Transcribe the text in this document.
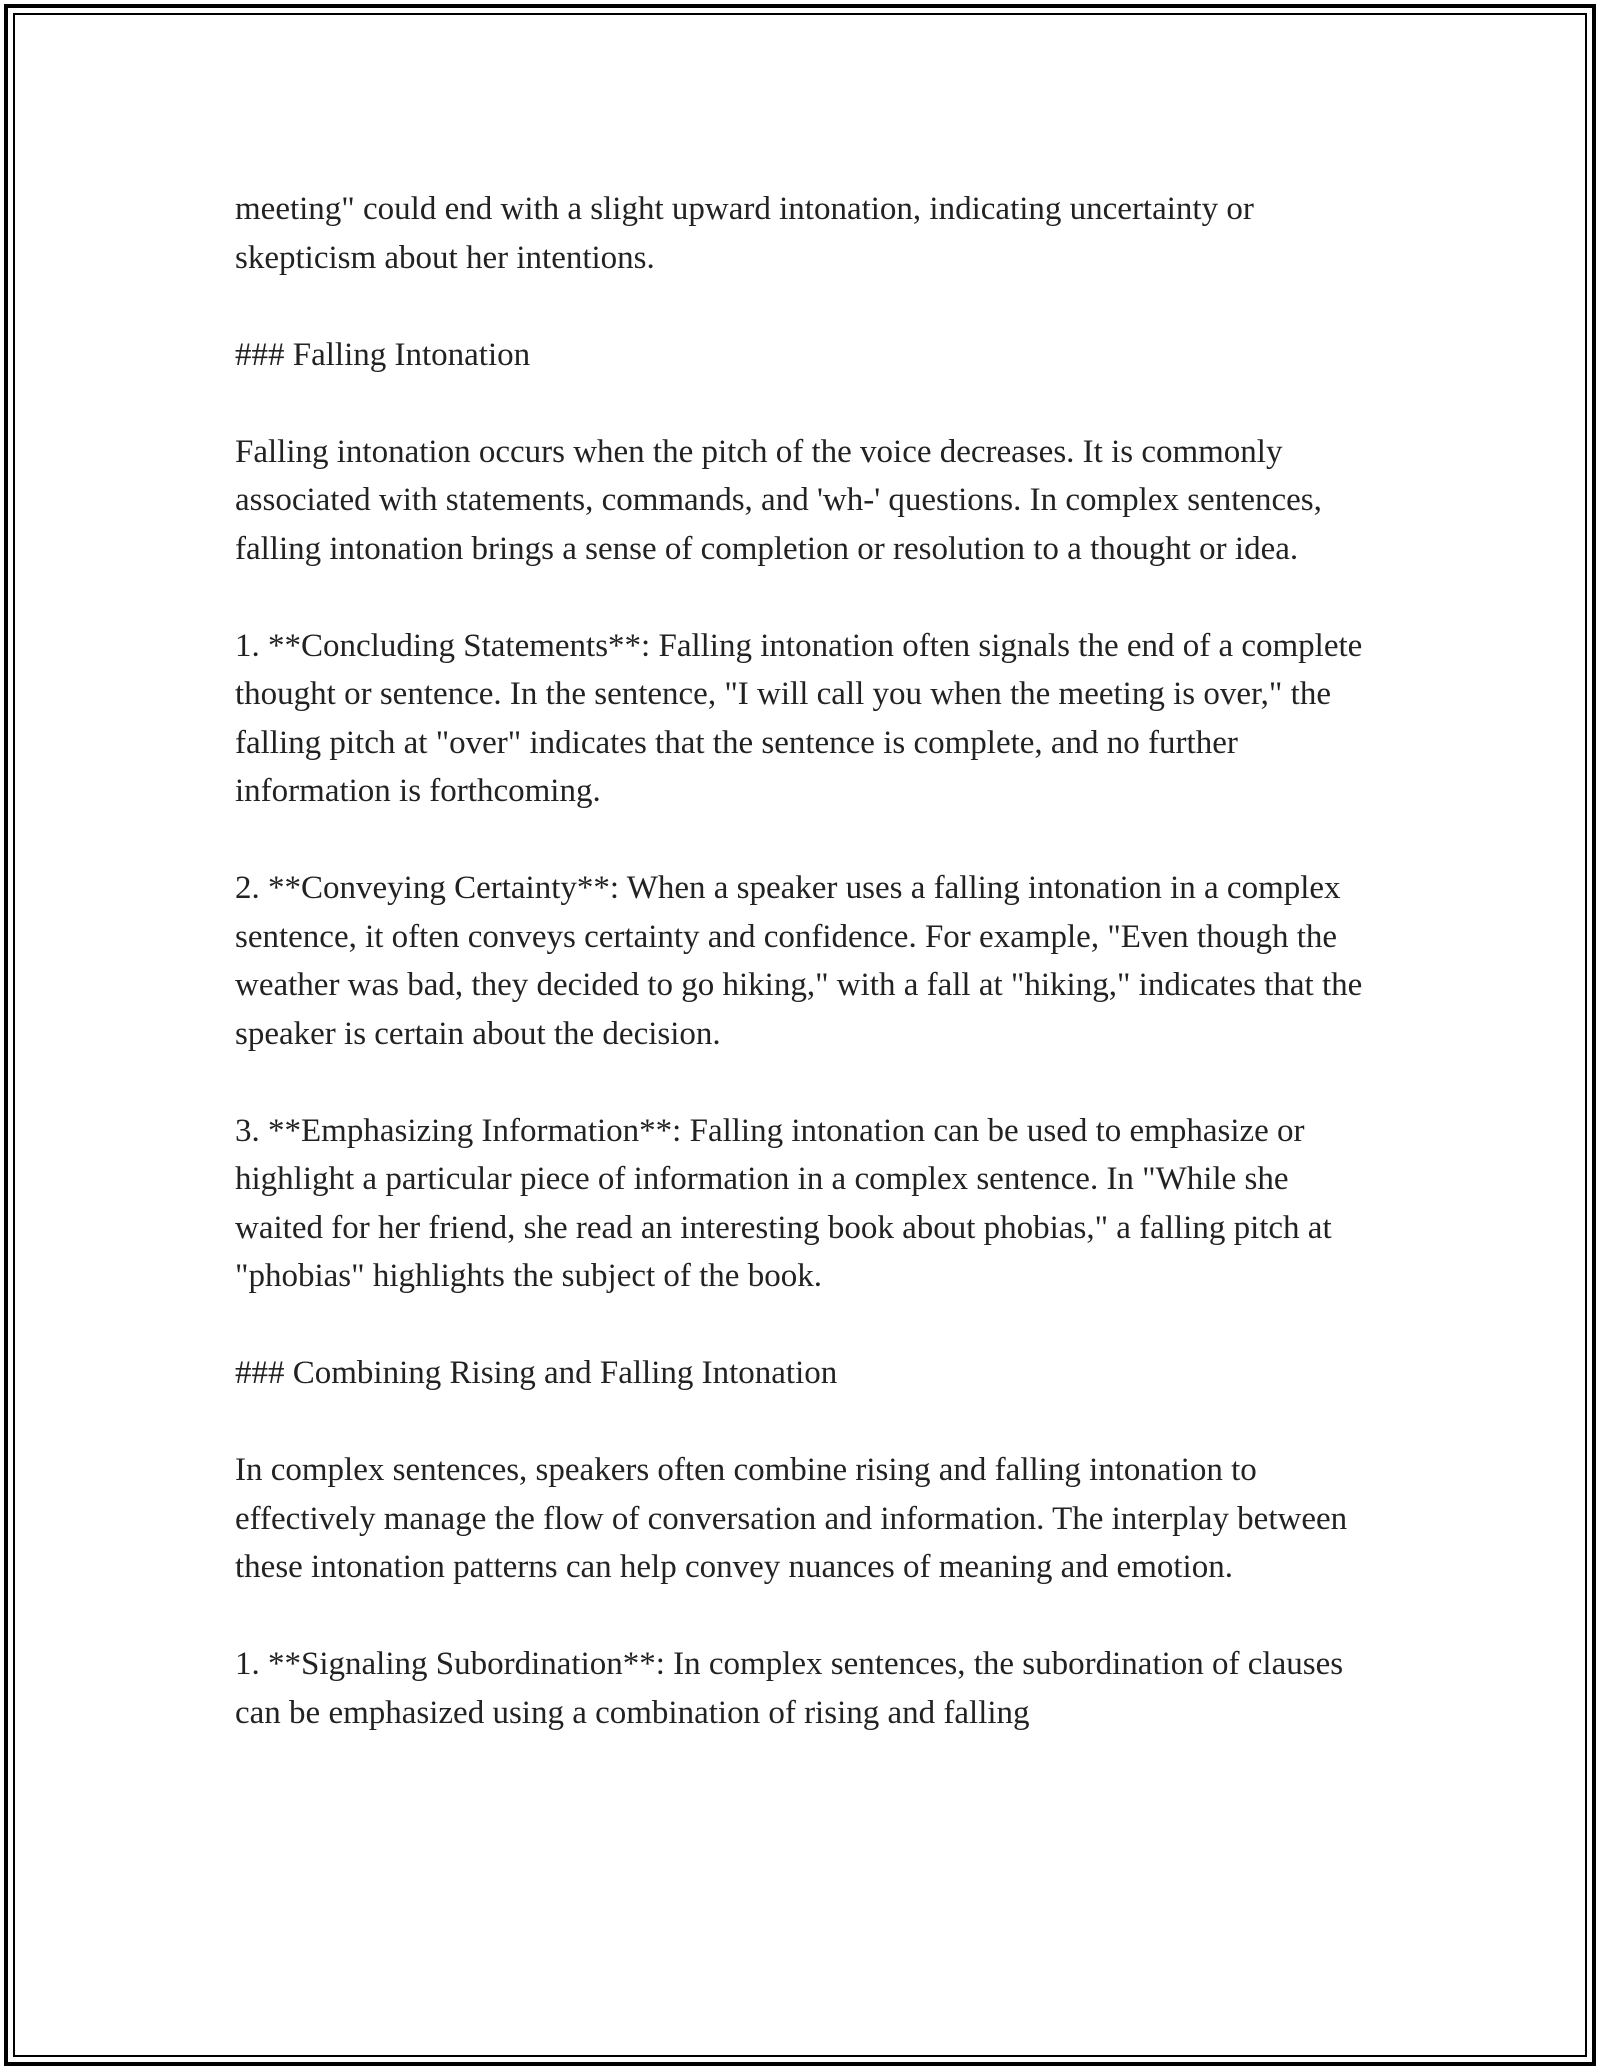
meeting" could end with a slight upward intonation, indicating uncertainty or skepticism about her intentions.

### Falling Intonation

Falling intonation occurs when the pitch of the voice decreases. It is commonly associated with statements, commands, and 'wh-' questions. In complex sentences, falling intonation brings a sense of completion or resolution to a thought or idea.

1. **Concluding Statements**: Falling intonation often signals the end of a complete thought or sentence. In the sentence, "I will call you when the meeting is over," the falling pitch at "over" indicates that the sentence is complete, and no further information is forthcoming.

2. **Conveying Certainty**: When a speaker uses a falling intonation in a complex sentence, it often conveys certainty and confidence. For example, "Even though the weather was bad, they decided to go hiking," with a fall at "hiking," indicates that the speaker is certain about the decision.

3. **Emphasizing Information**: Falling intonation can be used to emphasize or highlight a particular piece of information in a complex sentence. In "While she waited for her friend, she read an interesting book about phobias," a falling pitch at "phobias" highlights the subject of the book.

### Combining Rising and Falling Intonation

In complex sentences, speakers often combine rising and falling intonation to effectively manage the flow of conversation and information. The interplay between these intonation patterns can help convey nuances of meaning and emotion.

1. **Signaling Subordination**: In complex sentences, the subordination of clauses can be emphasized using a combination of rising and falling
